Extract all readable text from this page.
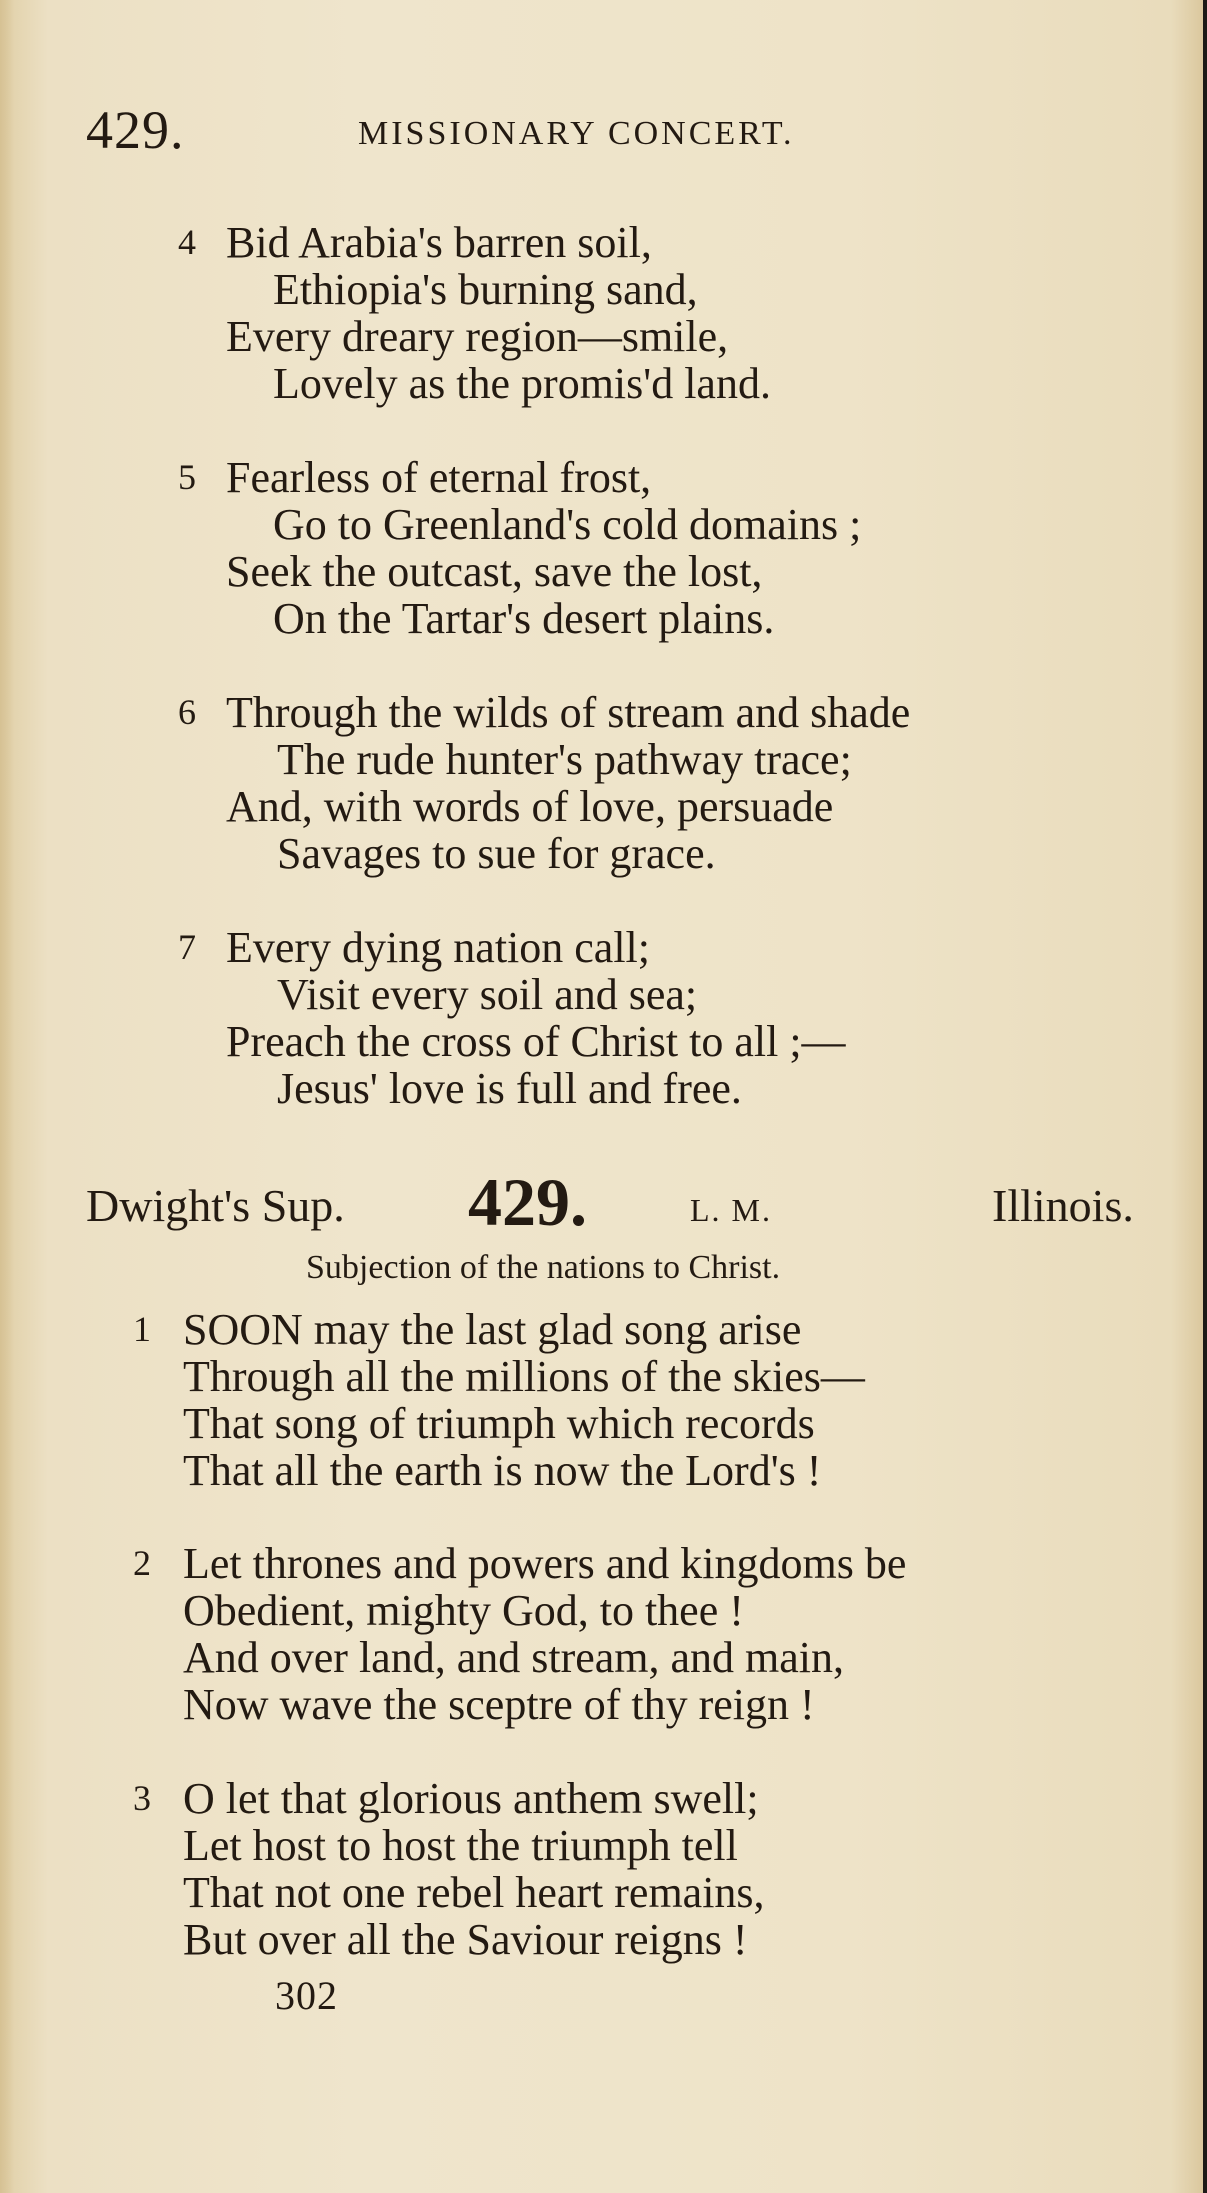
429.	MISSIONARY CONCERT.
4 Bid Arabia's barren soil,
Ethiopia's burning sand,
Every dreary region—smile,
Lovely as the promis'd land.
5 Fearless of eternal frost,
Go to Greenland's cold domains ;
Seek the outcast, save the lost,
On the Tartar's desert plains.
6 Through the wilds of stream and shade
The rude hunter's pathway trace;
And, with words of love, persuade
Savages to sue for grace.
7 Every dying nation call;
Visit every soil and sea;
Preach the cross of Christ to all ;—
Jesus' love is full and free.
Dwight's Sup. 429.	L. M.	Illinois.
Subjection of the nations to Christ.
1 SOON may the last glad song arise
Through all the millions of the skies—
That song of triumph which records
That all the earth is now the Lord's !
2 Let thrones and powers and kingdoms be
Obedient, mighty God, to thee !
And over land, and stream, and main,
Now wave the sceptre of thy reign !
3 O let that glorious anthem swell;
Let host to host the triumph tell
That not one rebel heart remains,
But over all the Saviour reigns !
302
